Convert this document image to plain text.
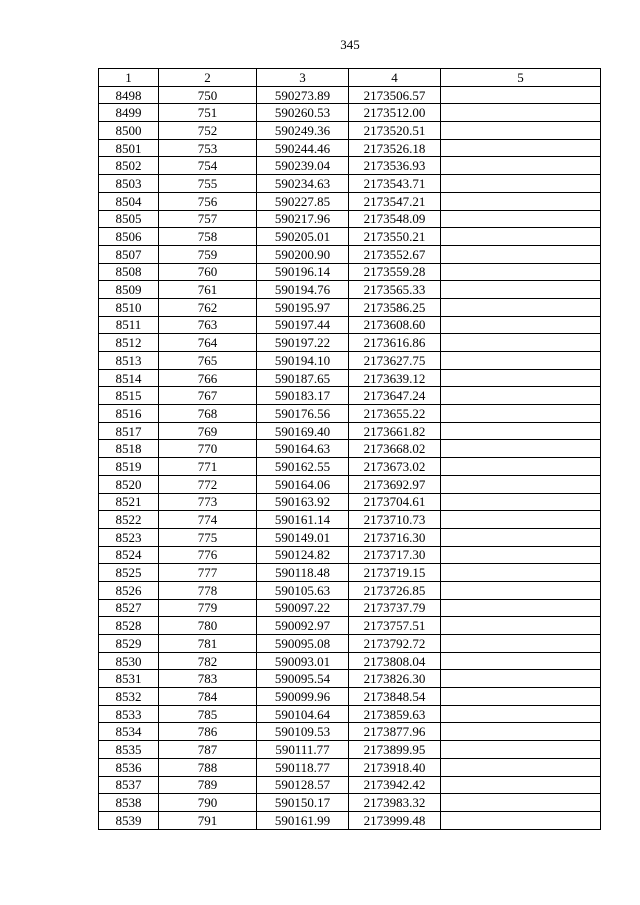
345
1	2	3	4	5
8498	750	590273.89	2173506.57	
8499	751	590260.53	2173512.00	
8500	752	590249.36	2173520.51	
8501	753	590244.46	2173526.18	
8502	754	590239.04	2173536.93	
8503	755	590234.63	2173543.71	
8504	756	590227.85	2173547.21	
8505	757	590217.96	2173548.09	
8506	758	590205.01	2173550.21	
8507	759	590200.90	2173552.67	
8508	760	590196.14	2173559.28	
8509	761	590194.76	2173565.33	
8510	762	590195.97	2173586.25	
8511	763	590197.44	2173608.60	
8512	764	590197.22	2173616.86	
8513	765	590194.10	2173627.75	
8514	766	590187.65	2173639.12	
8515	767	590183.17	2173647.24	
8516	768	590176.56	2173655.22	
8517	769	590169.40	2173661.82	
8518	770	590164.63	2173668.02	
8519	771	590162.55	2173673.02	
8520	772	590164.06	2173692.97	
8521	773	590163.92	2173704.61	
8522	774	590161.14	2173710.73	
8523	775	590149.01	2173716.30	
8524	776	590124.82	2173717.30	
8525	777	590118.48	2173719.15	
8526	778	590105.63	2173726.85	
8527	779	590097.22	2173737.79	
8528	780	590092.97	2173757.51	
8529	781	590095.08	2173792.72	
8530	782	590093.01	2173808.04	
8531	783	590095.54	2173826.30	
8532	784	590099.96	2173848.54	
8533	785	590104.64	2173859.63	
8534	786	590109.53	2173877.96	
8535	787	590111.77	2173899.95	
8536	788	590118.77	2173918.40	
8537	789	590128.57	2173942.42	
8538	790	590150.17	2173983.32	
8539	791	590161.99	2173999.48	
